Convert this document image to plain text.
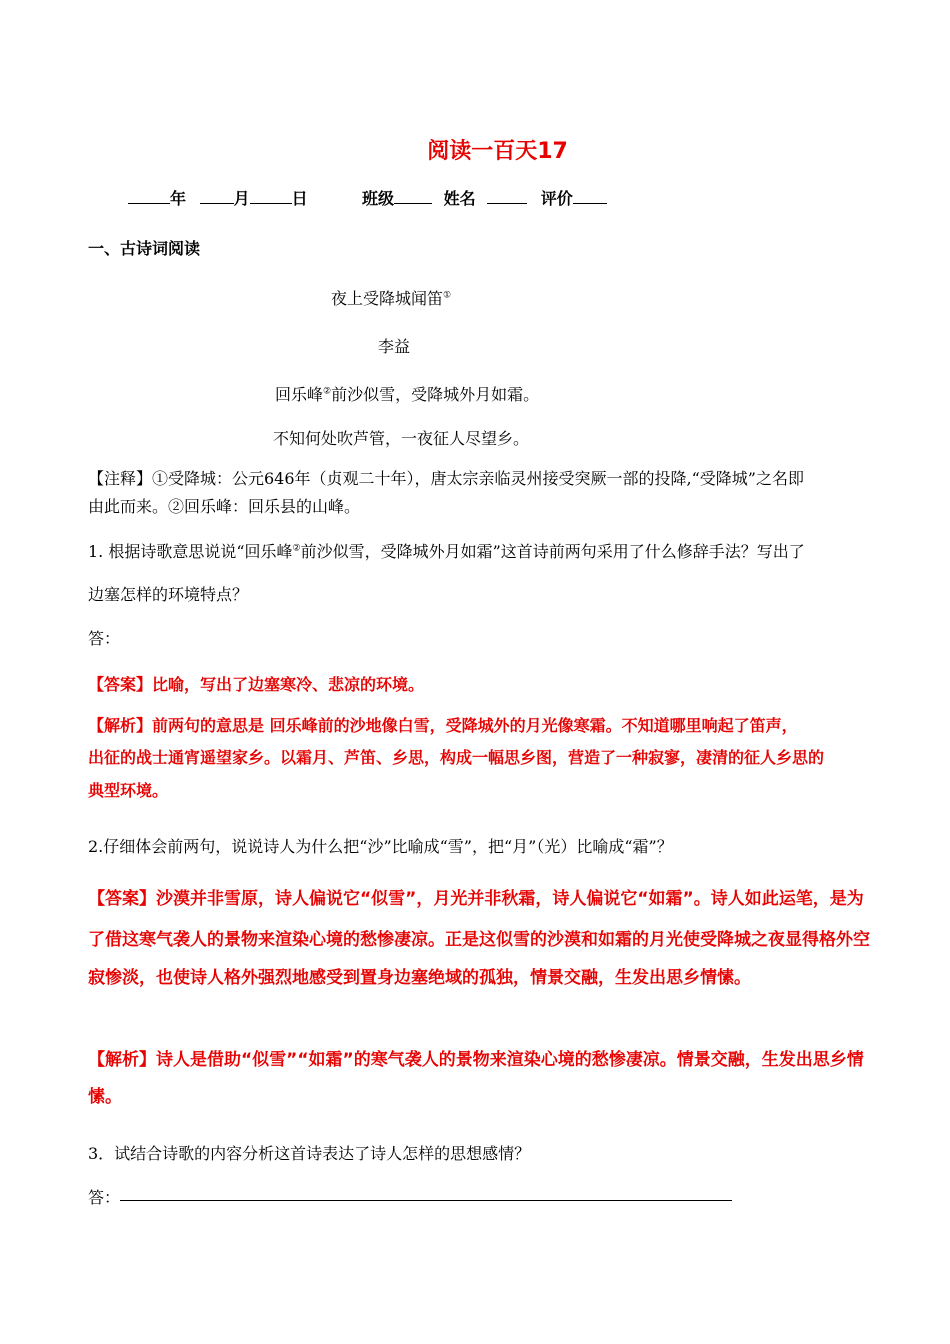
阅读一百天17
年	月	日	班级	姓名	评价
一、古诗词阅读
夜上受降城闻笛①
李益
回乐峰②前沙似雪，受降城外月如霜。
不知何处吹芦管，一夜征人尽望乡。
【注释】①受降城：公元646年（贞观二十年），唐太宗亲临灵州接受突厥一部的投降,“受降城”之名即
由此而来。②回乐峰：回乐县的山峰。
1. 根据诗歌意思说说“回乐峰②前沙似雪，受降城外月如霜”这首诗前两句采用了什么修辞手法？写出了
边塞怎样的环境特点？
答：
【答案】比喻，写出了边塞寒冷、悲凉的环境。
【解析】前两句的意思是 回乐峰前的沙地像白雪，受降城外的月光像寒霜。不知道哪里响起了笛声，
出征的战士通宵遥望家乡。以霜月、芦笛、乡思，构成一幅思乡图，营造了一种寂寥，凄清的征人乡思的
典型环境。
2.仔细体会前两句，说说诗人为什么把“沙”比喻成“雪”，把“月”（光）比喻成“霜”？
【答案】沙漠并非雪原，诗人偏说它“似雪”，月光并非秋霜，诗人偏说它“如霜”。诗人如此运笔，是为
了借这寒气袭人的景物来渲染心境的愁惨凄凉。正是这似雪的沙漠和如霜的月光使受降城之夜显得格外空
寂惨淡，也使诗人格外强烈地感受到置身边塞绝域的孤独，情景交融，生发出思乡情愫。
【解析】诗人是借助“似雪”“如霜”的寒气袭人的景物来渲染心境的愁惨凄凉。情景交融，生发出思乡情
愫。
3．试结合诗歌的内容分析这首诗表达了诗人怎样的思想感情？
答：
